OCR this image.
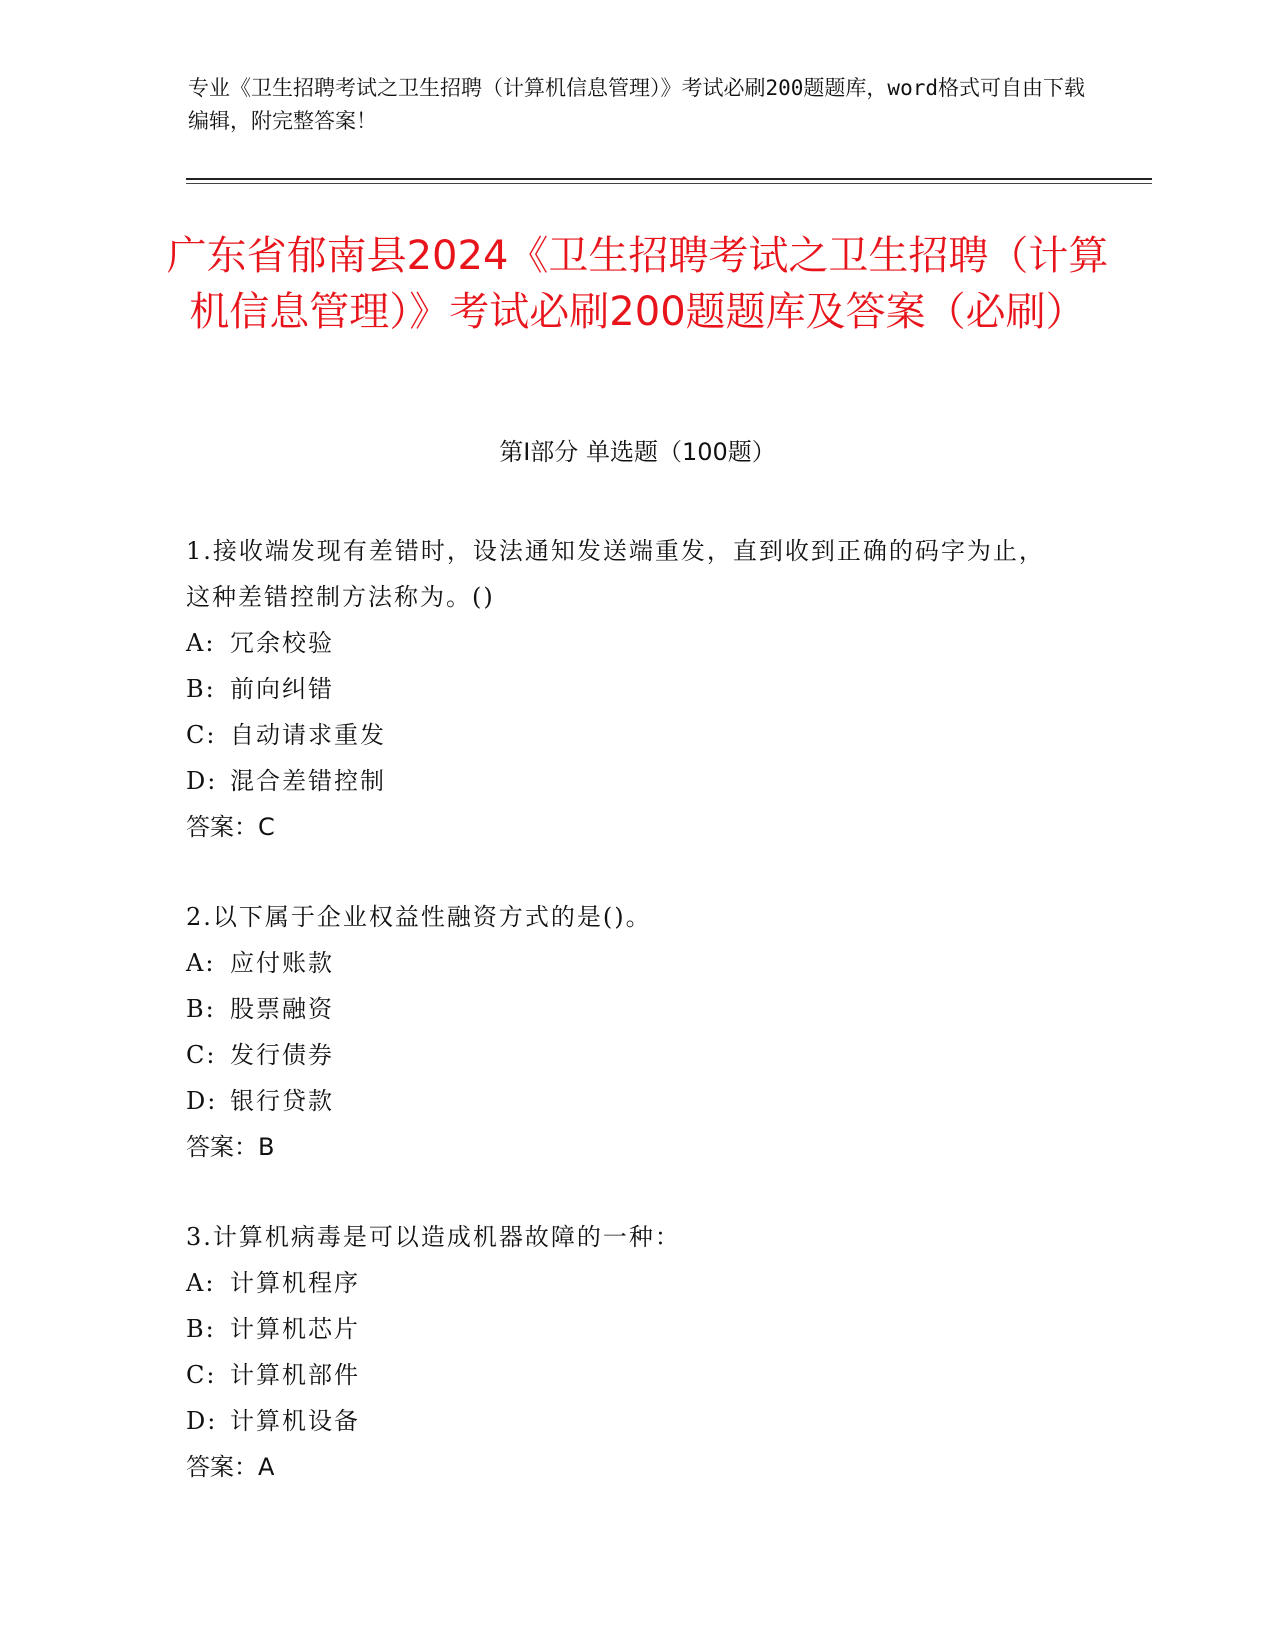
专业《卫生招聘考试之卫生招聘（计算机信息管理）》考试必刷200题题库，word格式可自由下载编辑，附完整答案！
广东省郁南县2024《卫生招聘考试之卫生招聘（计算机信息管理）》考试必刷200题题库及答案（必刷）
第Ⅰ部分 单选题（100题）
1.接收端发现有差错时，设法通知发送端重发，直到收到正确的码字为止，这种差错控制方法称为。()
A: 冗余校验
B: 前向纠错
C: 自动请求重发
D: 混合差错控制
答案：C
2.以下属于企业权益性融资方式的是()。
A: 应付账款
B: 股票融资
C: 发行债券
D: 银行贷款
答案：B
3.计算机病毒是可以造成机器故障的一种：
A: 计算机程序
B: 计算机芯片
C: 计算机部件
D: 计算机设备
答案：A
